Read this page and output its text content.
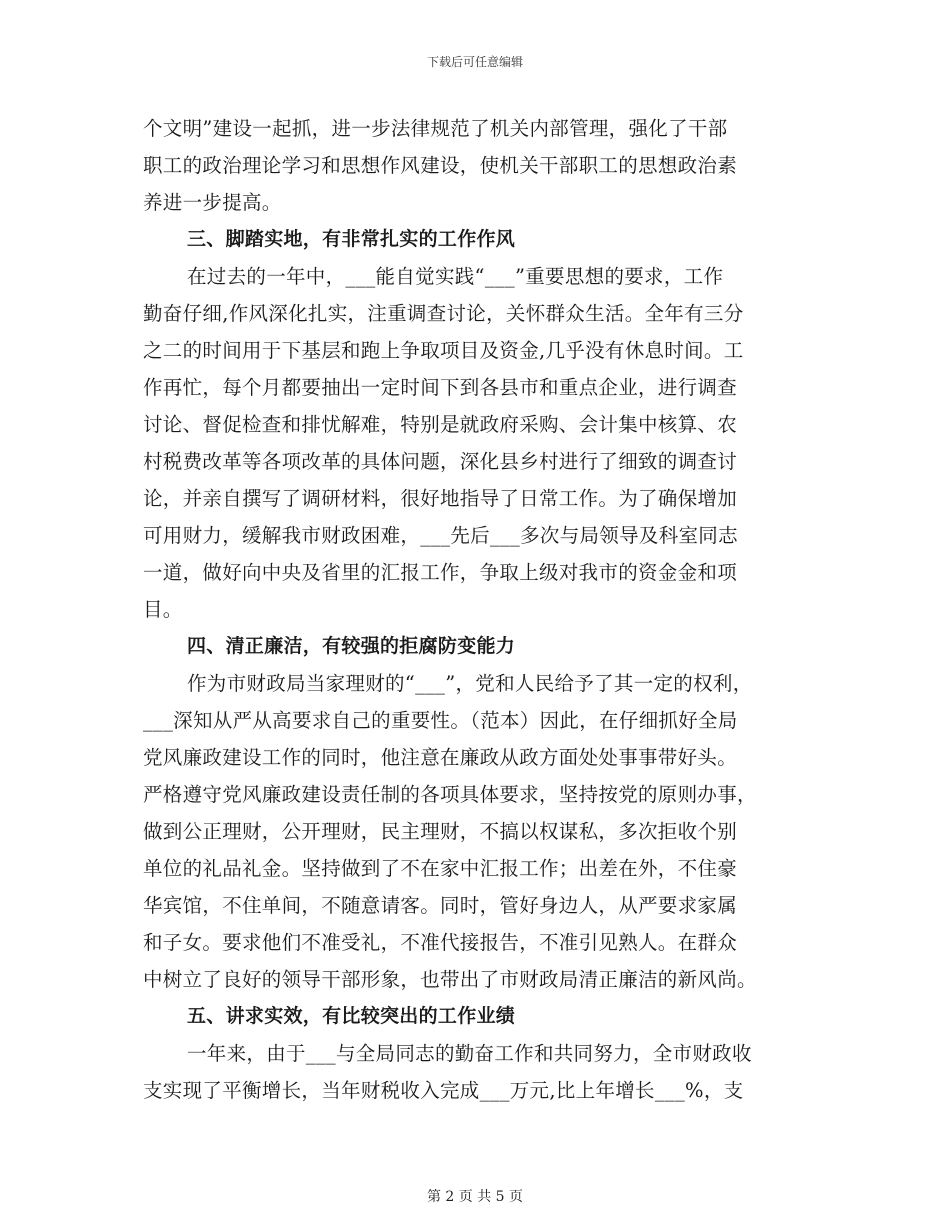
下载后可任意编辑
个文明”建设一起抓，进一步法律规范了机关内部管理，强化了干部
职工的政治理论学习和思想作风建设，使机关干部职工的思想政治素
养进一步提高。
三、脚踏实地，有非常扎实的工作作风
在过去的一年中，___能自觉实践“___”重要思想的要求，工作
勤奋仔细,作风深化扎实，注重调查讨论，关怀群众生活。全年有三分
之二的时间用于下基层和跑上争取项目及资金,几乎没有休息时间。工
作再忙，每个月都要抽出一定时间下到各县市和重点企业，进行调查
讨论、督促检查和排忧解难，特别是就政府采购、会计集中核算、农
村税费改革等各项改革的具体问题，深化县乡村进行了细致的调查讨
论，并亲自撰写了调研材料，很好地指导了日常工作。为了确保增加
可用财力，缓解我市财政困难，___先后___多次与局领导及科室同志
一道，做好向中央及省里的汇报工作，争取上级对我市的资金金和项
目。
四、清正廉洁，有较强的拒腐防变能力
作为市财政局当家理财的“___”，党和人民给予了其一定的权利，
___深知从严从高要求自己的重要性。（范本）因此，在仔细抓好全局
党风廉政建设工作的同时，他注意在廉政从政方面处处事事带好头。
严格遵守党风廉政建设责任制的各项具体要求，坚持按党的原则办事，
做到公正理财，公开理财，民主理财，不搞以权谋私，多次拒收个别
单位的礼品礼金。坚持做到了不在家中汇报工作；出差在外，不住豪
华宾馆，不住单间，不随意请客。同时，管好身边人，从严要求家属
和子女。要求他们不准受礼，不准代接报告，不准引见熟人。在群众
中树立了良好的领导干部形象，也带出了市财政局清正廉洁的新风尚。
五、讲求实效，有比较突出的工作业绩
一年来，由于___与全局同志的勤奋工作和共同努力，全市财政收
支实现了平衡增长，当年财税收入完成___万元,比上年增长___%，支
第 2 页 共 5 页
